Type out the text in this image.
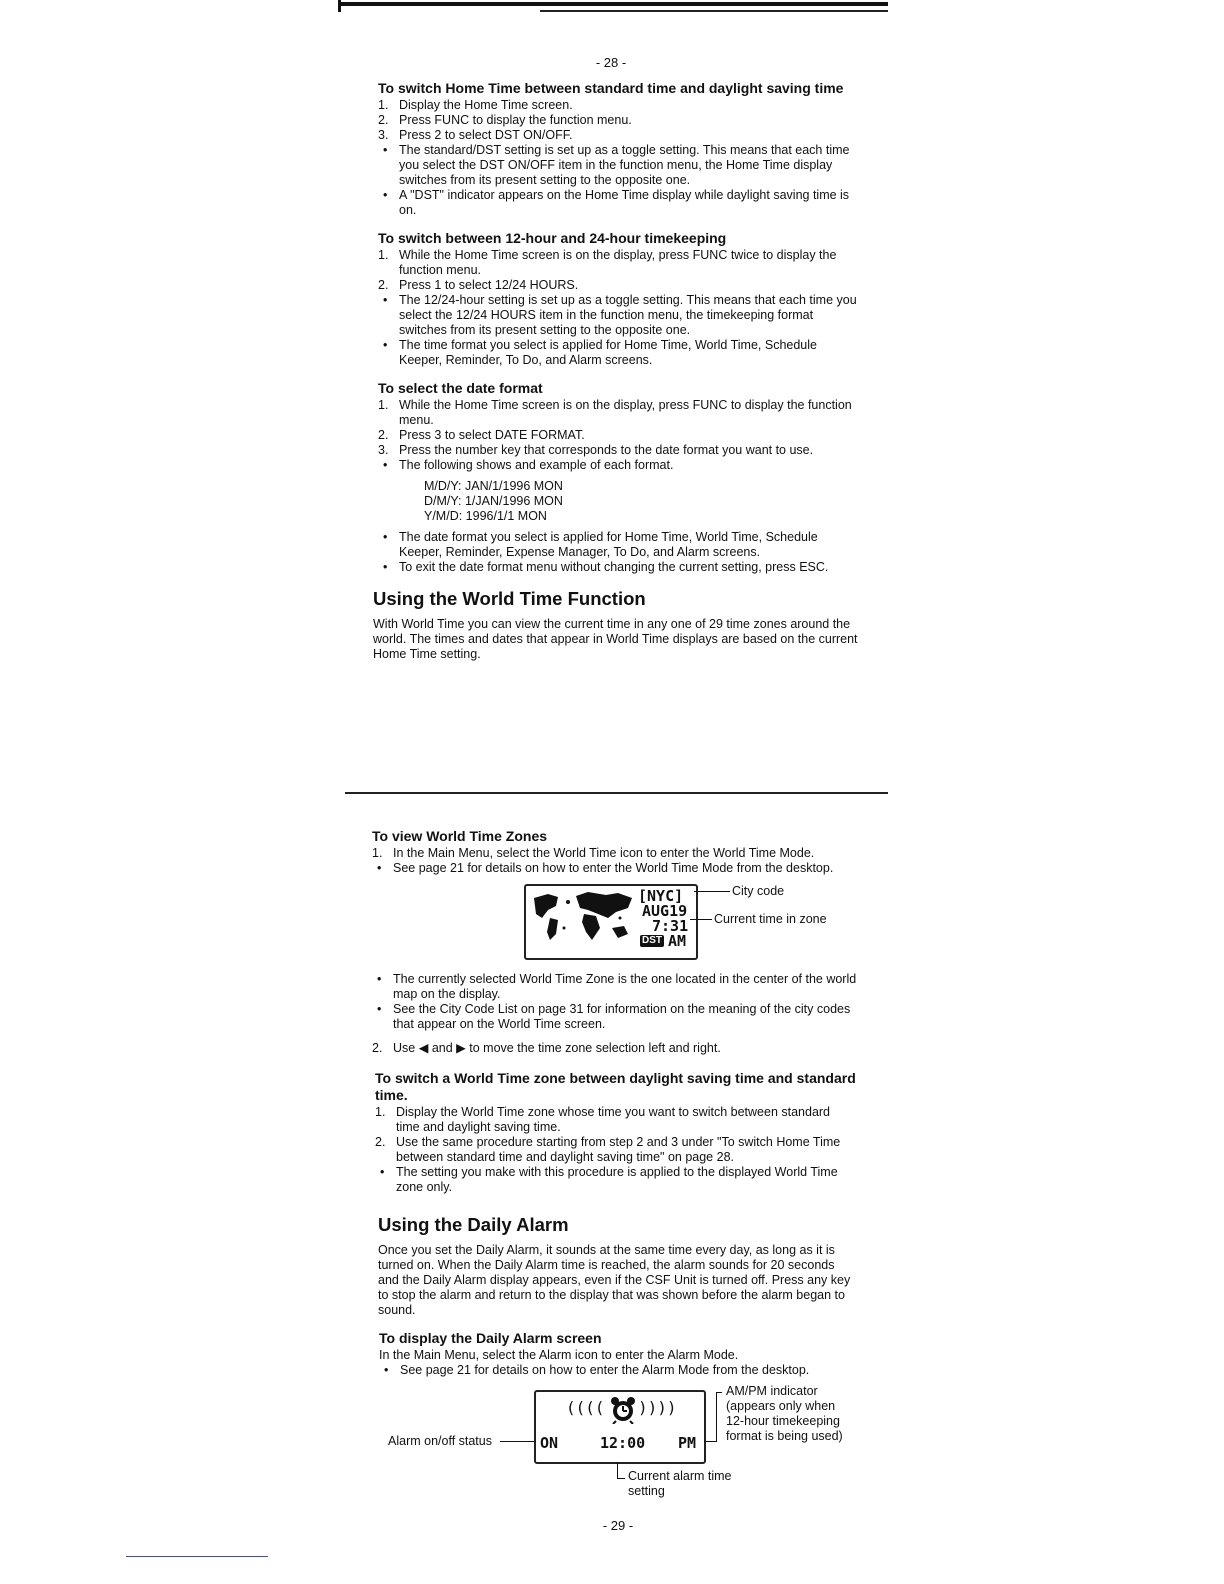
- 28 -
To switch Home Time between standard time and daylight saving time
1. Display the Home Time screen.
2. Press FUNC to display the function menu.
3. Press 2 to select DST ON/OFF.
• The standard/DST setting is set up as a toggle setting. This means that each time you select the DST ON/OFF item in the function menu, the Home Time display switches from its present setting to the opposite one.
• A "DST" indicator appears on the Home Time display while daylight saving time is on.
To switch between 12-hour and 24-hour timekeeping
1. While the Home Time screen is on the display, press FUNC twice to display the function menu.
2. Press 1 to select 12/24 HOURS.
• The 12/24-hour setting is set up as a toggle setting. This means that each time you select the 12/24 HOURS item in the function menu, the timekeeping format switches from its present setting to the opposite one.
• The time format you select is applied for Home Time, World Time, Schedule Keeper, Reminder, To Do, and Alarm screens.
To select the date format
1. While the Home Time screen is on the display, press FUNC to display the function menu.
2. Press 3 to select DATE FORMAT.
3. Press the number key that corresponds to the date format you want to use.
• The following shows and example of each format.
M/D/Y: JAN/1/1996 MON
D/M/Y: 1/JAN/1996 MON
Y/M/D: 1996/1/1 MON
• The date format you select is applied for Home Time, World Time, Schedule Keeper, Reminder, Expense Manager, To Do, and Alarm screens.
• To exit the date format menu without changing the current setting, press ESC.
Using the World Time Function

With World Time you can view the current time in any one of 29 time zones around the world. The times and dates that appear in World Time displays are based on the current Home Time setting.

To view World Time Zones
1. In the Main Menu, select the World Time icon to enter the World Time Mode.
• See page 21 for details on how to enter the World Time Mode from the desktop.
[NYC]
AUG19
7:31
DST AM
City code
Current time in zone
• The currently selected World Time Zone is the one located in the center of the world map on the display.
• See the City Code List on page 31 for information on the meaning of the city codes that appear on the World Time screen.
2. Use ◀ and ▶ to move the time zone selection left and right.
To switch a World Time zone between daylight saving time and standard time.
1. Display the World Time zone whose time you want to switch between standard time and daylight saving time.
2. Use the same procedure starting from step 2 and 3 under "To switch Home Time between standard time and daylight saving time" on page 28.
• The setting you make with this procedure is applied to the displayed World Time zone only.
Using the Daily Alarm

Once you set the Daily Alarm, it sounds at the same time every day, as long as it is turned on. When the Daily Alarm time is reached, the alarm sounds for 20 seconds and the Daily Alarm display appears, even if the CSF Unit is turned off. Press any key to stop the alarm and return to the display that was shown before the alarm began to sound.

To display the Daily Alarm screen

In the Main Menu, select the Alarm icon to enter the Alarm Mode.

• See page 21 for details on how to enter the Alarm Mode from the desktop.
(((( ))))
ON	12:00 PM
Alarm on/off status
AM/PM indicator
(appears only when
12-hour timekeeping
format is being used)
Current alarm time
setting
- 29 -
